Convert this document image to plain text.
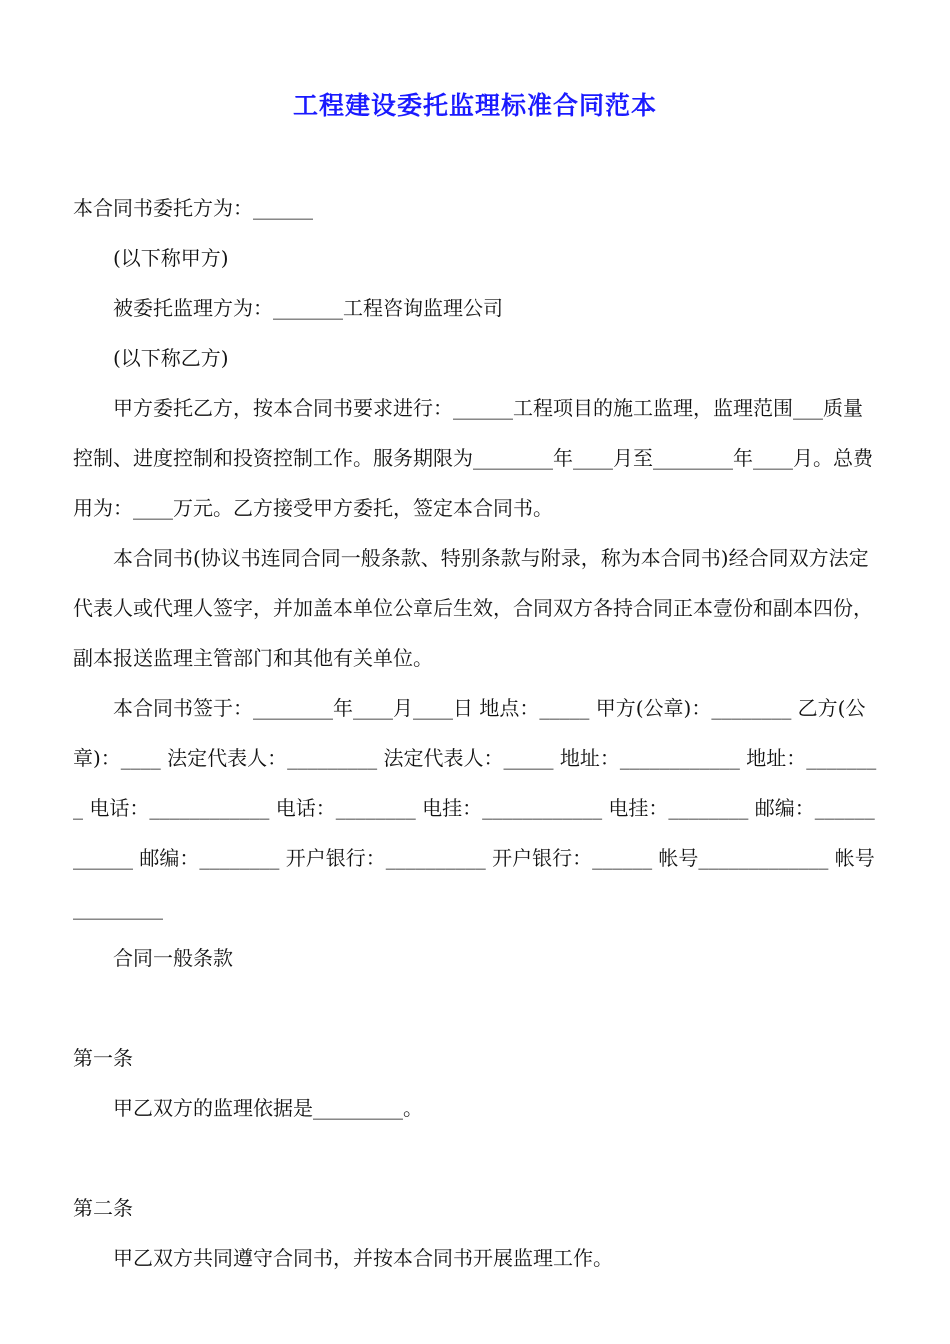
工程建设委托监理标准合同范本

本合同书委托方为：______

(以下称甲方)

被委托监理方为：_______工程咨询监理公司

(以下称乙方)

甲方委托乙方，按本合同书要求进行：______工程项目的施工监理，监理范围___质量控制、进度控制和投资控制工作。服务期限为________年____月至________年____月。总费用为：____万元。乙方接受甲方委托，签定本合同书。

本合同书(协议书连同合同一般条款、特别条款与附录，称为本合同书)经合同双方法定代表人或代理人签字，并加盖本单位公章后生效，合同双方各持合同正本壹份和副本四份，副本报送监理主管部门和其他有关单位。

本合同书签于：________年____月____日 地点：_____ 甲方(公章)：________ 乙方(公章)：____ 法定代表人：_________ 法定代表人：_____ 地址：____________ 地址：________ 电话：____________ 电话：________ 电挂：____________ 电挂：________ 邮编：____________ 邮编：________ 开户银行：__________ 开户银行：______ 帐号_____________ 帐号_________

合同一般条款

第一条

甲乙双方的监理依据是_________。

第二条

甲乙双方共同遵守合同书，并按本合同书开展监理工作。
